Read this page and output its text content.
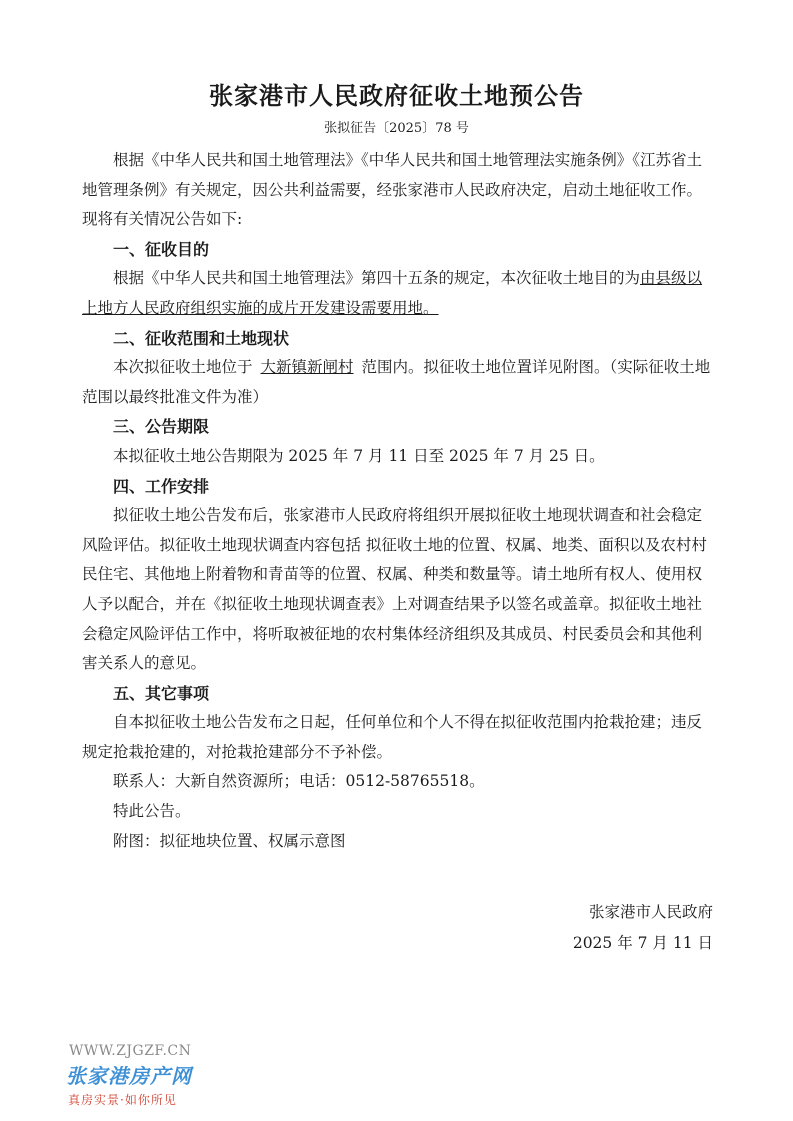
张家港市人民政府征收土地预公告
张拟征告〔2025〕78 号

根据《中华人民共和国土地管理法》《中华人民共和国土地管理法实施条例》《江苏省土地管理条例》有关规定，因公共利益需要，经张家港市人民政府决定，启动土地征收工作。现将有关情况公告如下:

一、征收目的

根据《中华人民共和国土地管理法》第四十五条的规定，本次征收土地目的为由县级以上地方人民政府组织实施的成片开发建设需要用地。

二、征收范围和土地现状

本次拟征收土地位于 大新镇新闸村 范围内。拟征收土地位置详见附图。（实际征收土地范围以最终批准文件为准）

三、公告期限

本拟征收土地公告期限为 2025 年 7 月 11 日至 2025 年 7 月 25 日。

四、工作安排

拟征收土地公告发布后，张家港市人民政府将组织开展拟征收土地现状调查和社会稳定风险评估。拟征收土地现状调查内容包括 拟征收土地的位置、权属、地类、面积以及农村村民住宅、其他地上附着物和青苗等的位置、权属、种类和数量等。请土地所有权人、使用权人予以配合，并在《拟征收土地现状调查表》上对调查结果予以签名或盖章。拟征收土地社会稳定风险评估工作中，将听取被征地的农村集体经济组织及其成员、村民委员会和其他利害关系人的意见。

五、其它事项

自本拟征收土地公告发布之日起，任何单位和个人不得在拟征收范围内抢栽抢建；违反规定抢栽抢建的，对抢栽抢建部分不予补偿。

联系人：大新自然资源所；电话：0512-58765518。

特此公告。

附图：拟征地块位置、权属示意图

张家港市人民政府
2025 年 7 月 11 日
WWW.ZJGZF.CN
张家港房产网
真房实景·如你所见
